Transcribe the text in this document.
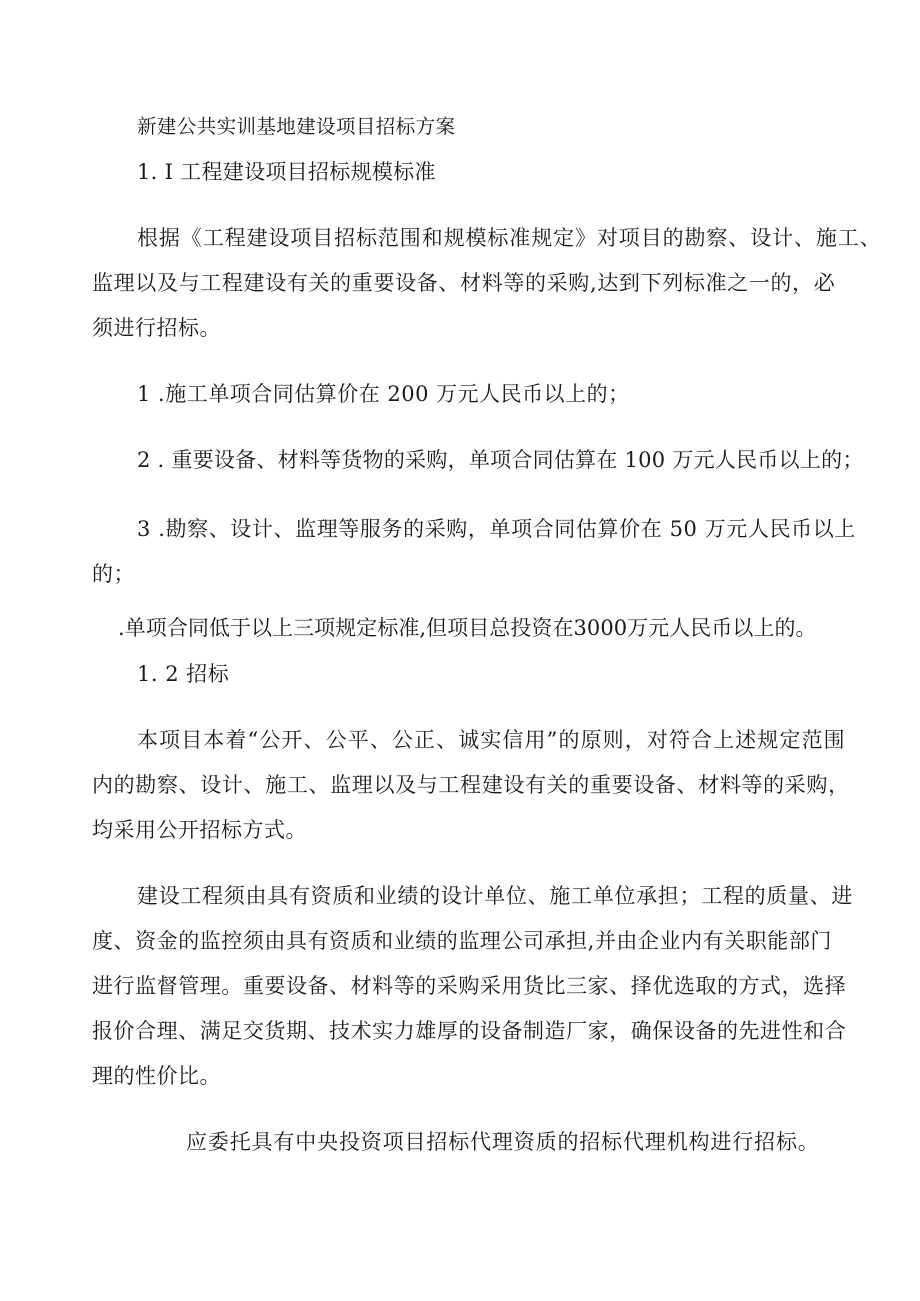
新建公共实训基地建设项目招标方案
1. I 工程建设项目招标规模标准
根据《工程建设项目招标范围和规模标准规定》对项目的勘察、设计、施工、
监理以及与工程建设有关的重要设备、材料等的采购,达到下列标准之一的，必
须进行招标。
1 .施工单项合同估算价在 200 万元人民币以上的；
2 . 重要设备、材料等货物的采购，单项合同估算在 100 万元人民币以上的；
3 .勘察、设计、监理等服务的采购，单项合同估算价在 50 万元人民币以上
的；
.单项合同低于以上三项规定标准,但项目总投资在3000万元人民币以上的。
1. 2 招标
本项目本着“公开、公平、公正、诚实信用”的原则，对符合上述规定范围
内的勘察、设计、施工、监理以及与工程建设有关的重要设备、材料等的采购，
均采用公开招标方式。
建设工程须由具有资质和业绩的设计单位、施工单位承担；工程的质量、进
度、资金的监控须由具有资质和业绩的监理公司承担,并由企业内有关职能部门
进行监督管理。重要设备、材料等的采购采用货比三家、择优选取的方式，选择
报价合理、满足交货期、技术实力雄厚的设备制造厂家，确保设备的先进性和合
理的性价比。
应委托具有中央投资项目招标代理资质的招标代理机构进行招标。
